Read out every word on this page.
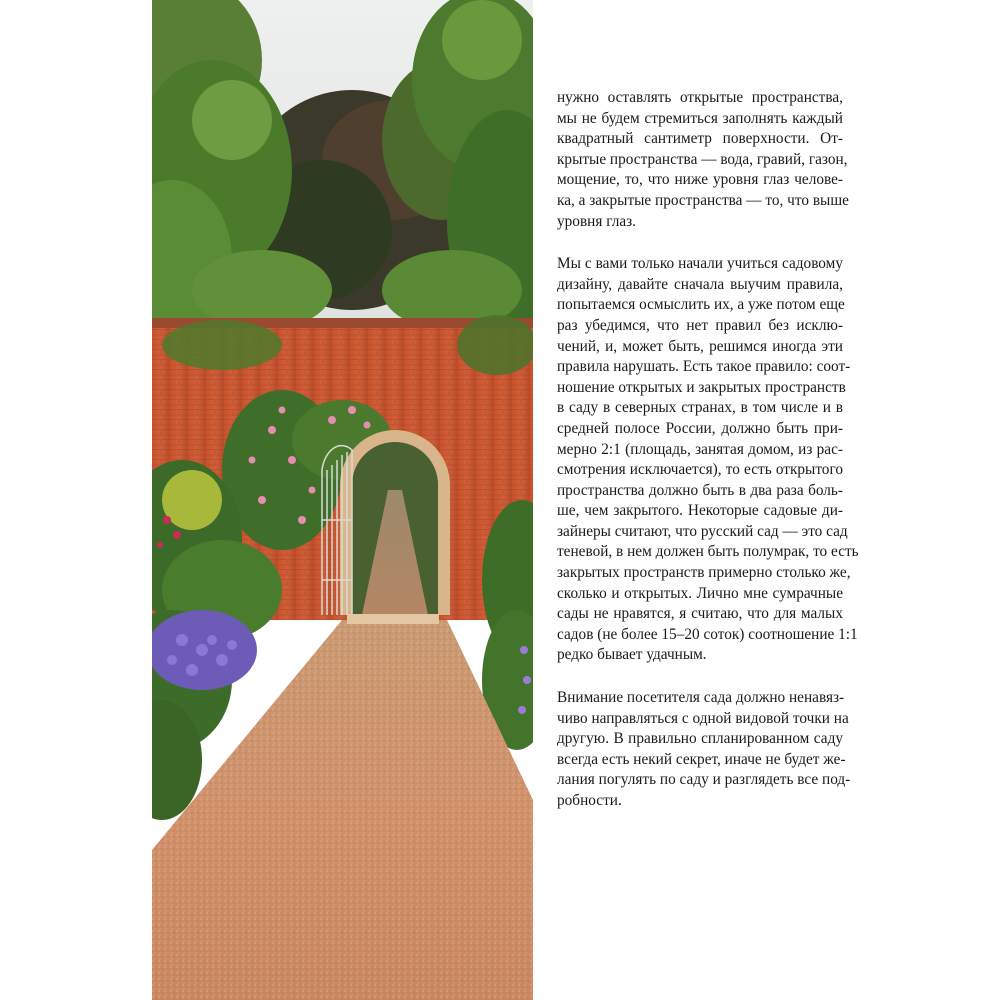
нужно оставлять открытые пространства,
мы не будем стремиться заполнять каждый
квадратный сантиметр поверхности. От-
крытые пространства — вода, гравий, газон,
мощение, то, что ниже уровня глаз челове-
ка, а закрытые пространства — то, что выше
уровня глаз.

Мы с вами только начали учиться садовому
дизайну, давайте сначала выучим правила,
попытаемся осмыслить их, а уже потом еще
раз убедимся, что нет правил без исклю-
чений, и, может быть, решимся иногда эти
правила нарушать. Есть такое правило: соот-
ношение открытых и закрытых пространств
в саду в северных странах, в том числе и в
средней полосе России, должно быть при-
мерно 2:1 (площадь, занятая домом, из рас-
смотрения исключается), то есть открытого
пространства должно быть в два раза боль-
ше, чем закрытого. Некоторые садовые ди-
зайнеры считают, что русский сад — это сад
теневой, в нем должен быть полумрак, то есть
закрытых пространств примерно столько же,
сколько и открытых. Лично мне сумрачные
сады не нравятся, я считаю, что для малых
садов (не более 15–20 соток) соотношение 1:1
редко бывает удачным.

Внимание посетителя сада должно ненавяз-
чиво направляться с одной видовой точки на
другую. В правильно спланированном саду
всегда есть некий секрет, иначе не будет же-
лания погулять по саду и разглядеть все под-
робности.
